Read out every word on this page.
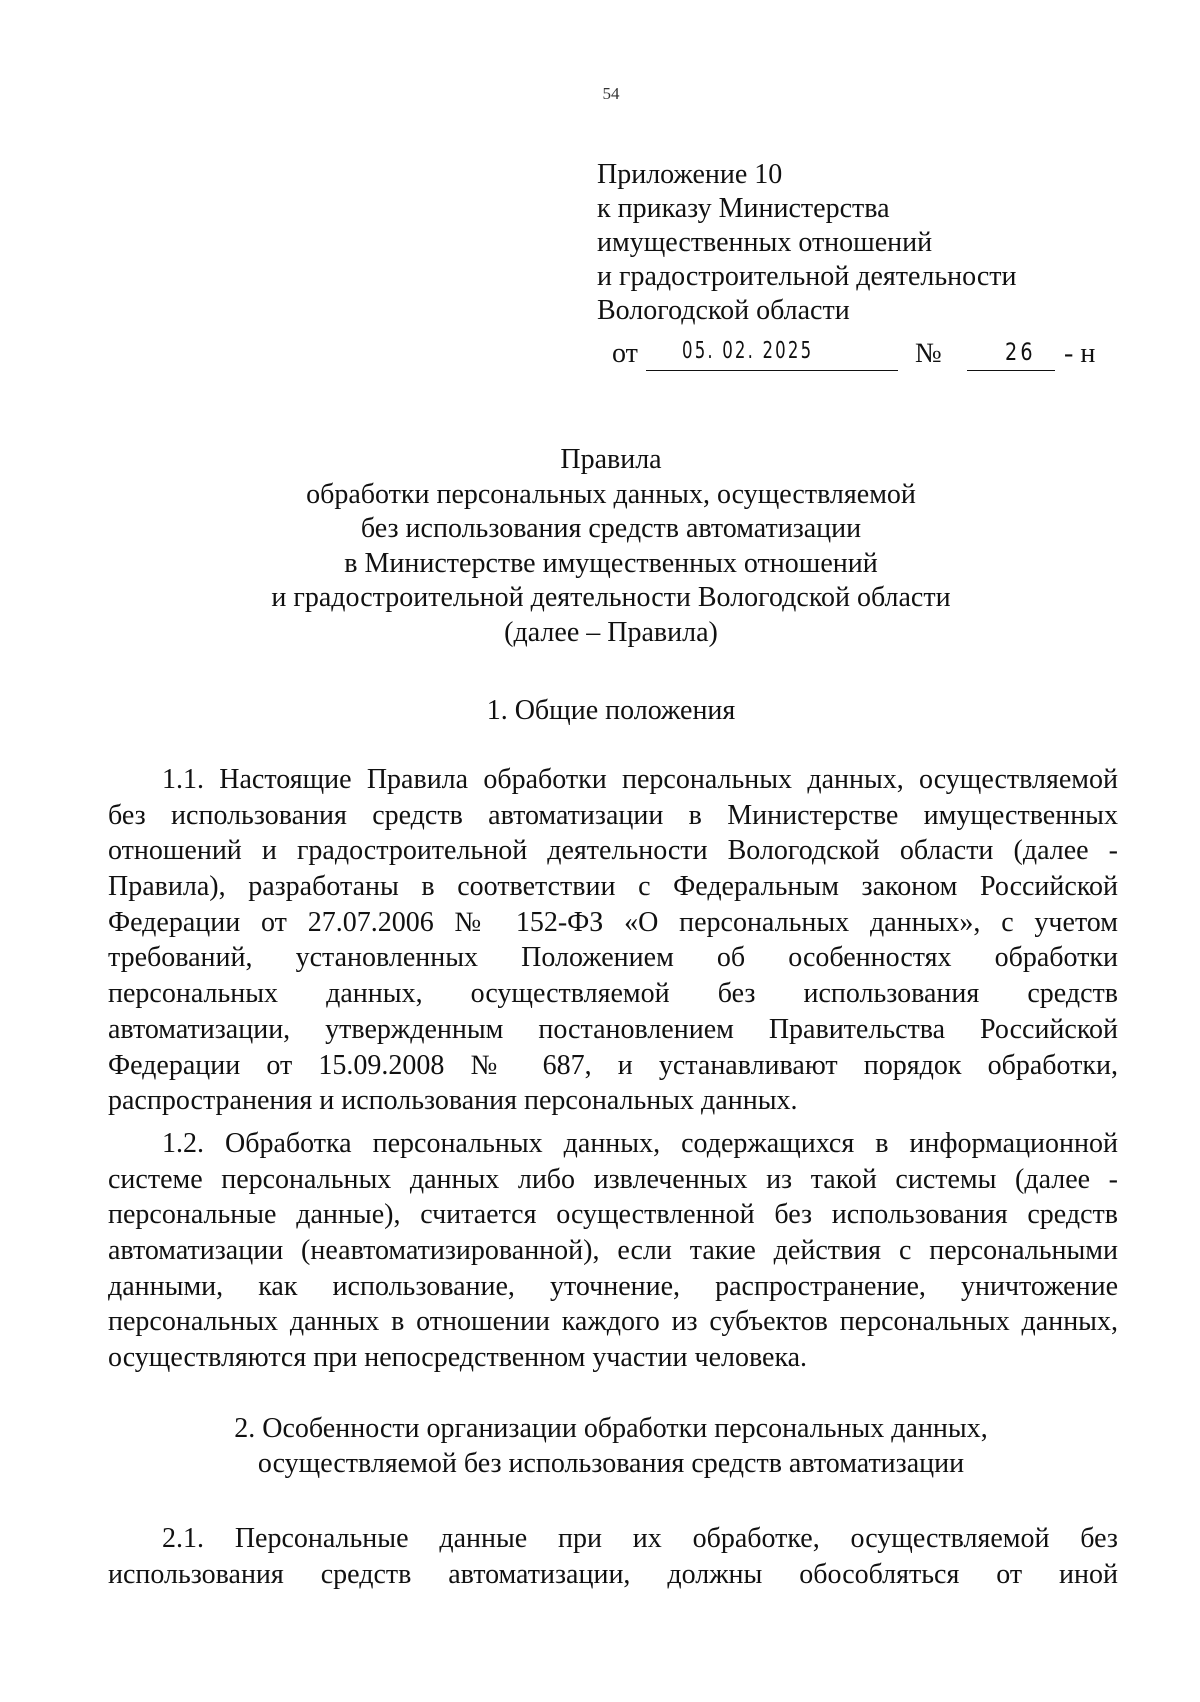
54
Приложение 10
к приказу Министерства
имущественных отношений
и градостроительной деятельности
Вологодской области
от 05. 02. 2025	№	26 - н
Правила
обработки персональных данных, осуществляемой
без использования средств автоматизации
в Министерстве имущественных отношений
и градостроительной деятельности Вологодской области
(далее – Правила)
1. Общие положения
1.1. Настоящие Правила обработки персональных данных, осуществляемой
без использования средств автоматизации в Министерстве имущественных
отношений и градостроительной деятельности Вологодской области (далее -
Правила), разработаны в соответствии с Федеральным законом Российской
Федерации от 27.07.2006 № 152-ФЗ «О персональных данных», с учетом
требований, установленных Положением об особенностях обработки
персональных данных, осуществляемой без использования средств
автоматизации, утвержденным постановлением Правительства Российской
Федерации от 15.09.2008 № 687, и устанавливают порядок обработки,
распространения и использования персональных данных.
1.2. Обработка персональных данных, содержащихся в информационной
системе персональных данных либо извлеченных из такой системы (далее -
персональные данные), считается осуществленной без использования средств
автоматизации (неавтоматизированной), если такие действия с персональными
данными, как использование, уточнение, распространение, уничтожение
персональных данных в отношении каждого из субъектов персональных данных,
осуществляются при непосредственном участии человека.
2. Особенности организации обработки персональных данных,
осуществляемой без использования средств автоматизации
2.1. Персональные данные при их обработке, осуществляемой без
использования средств автоматизации, должны обособляться от иной
